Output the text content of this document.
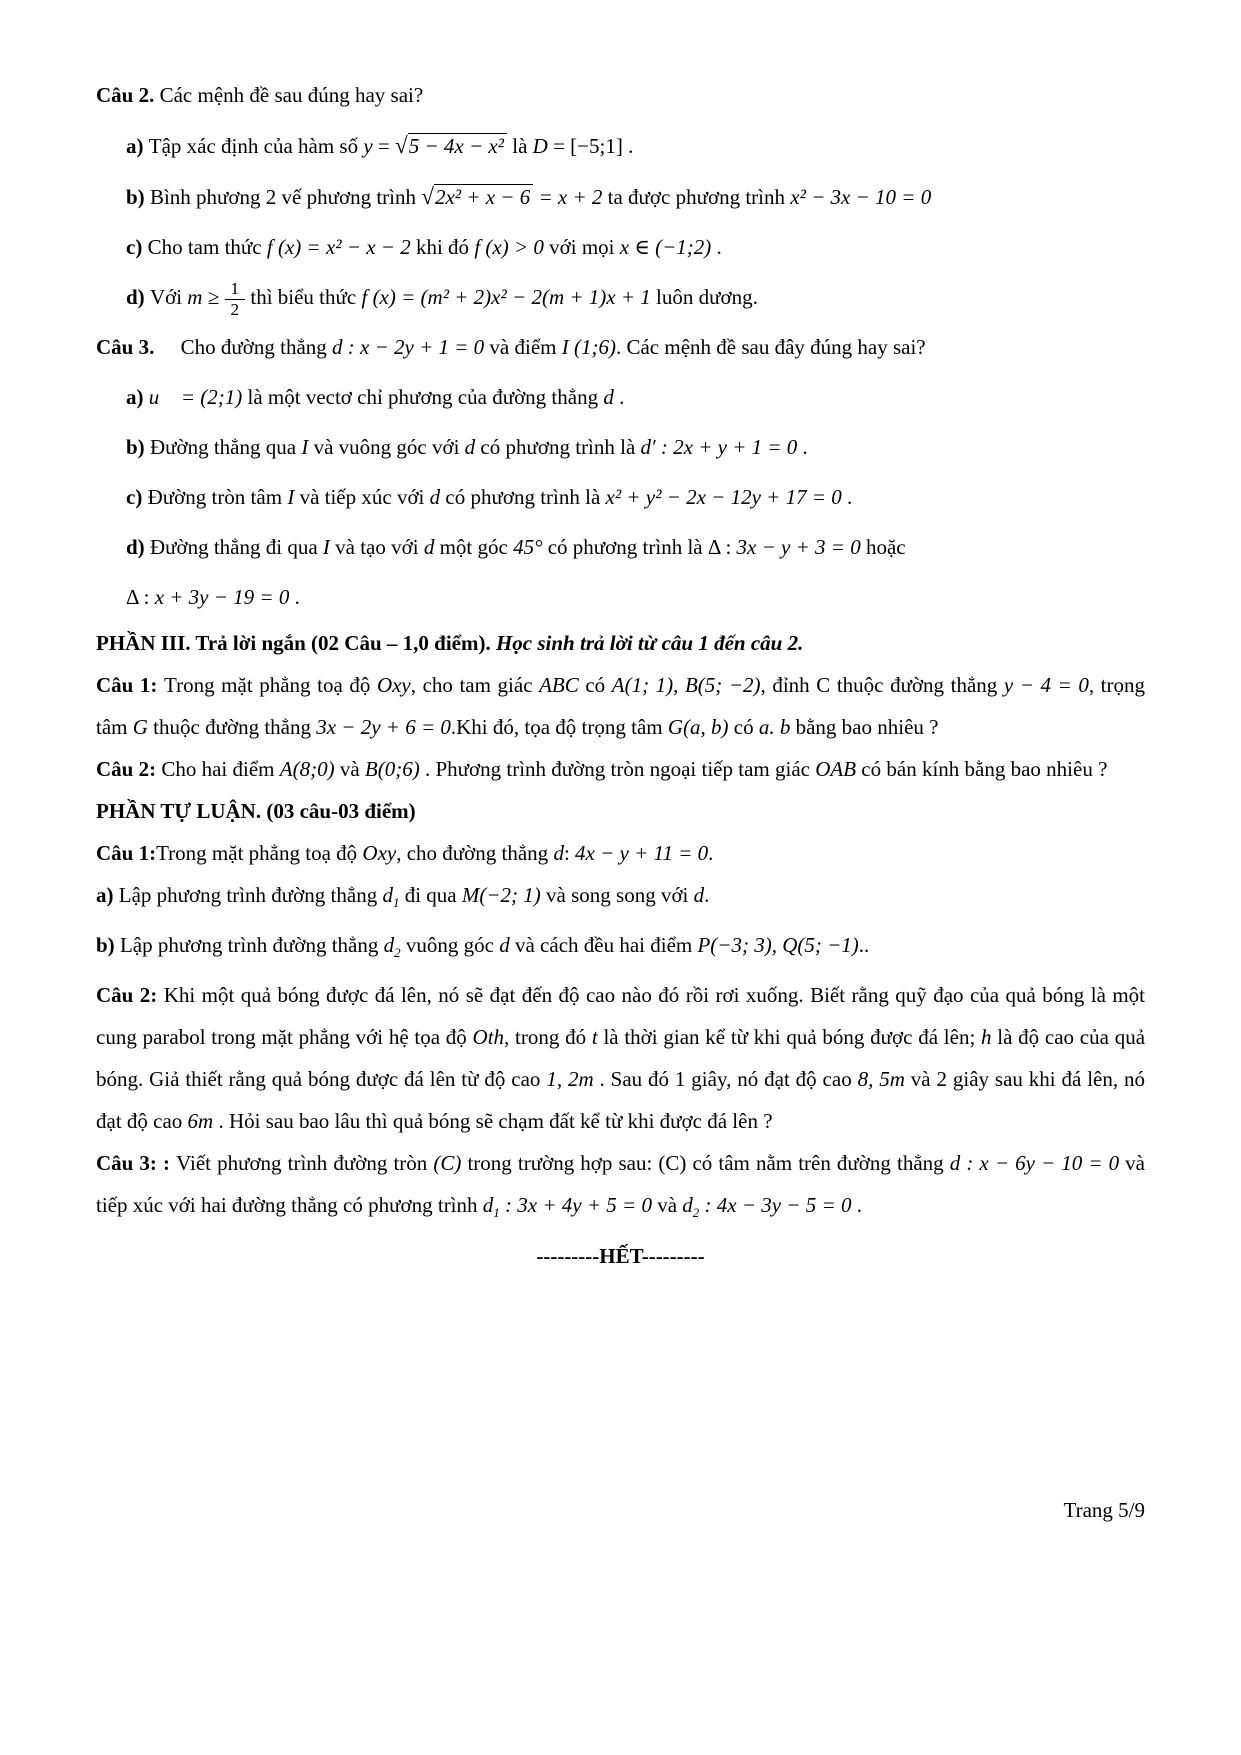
Câu 2. Các mệnh đề sau đúng hay sai?
a) Tập xác định của hàm số y = √5 − 4x − x² là D = [−5;1] .
b) Bình phương 2 vế phương trình √2x² + x − 6 = x + 2 ta được phương trình x² − 3x − 10 = 0
c) Cho tam thức f (x) = x² − x − 2 khi đó f (x) > 0 với mọi x ∈ (−1;2) .
d) Với $m \ge \frac{1}{2}$ thì biểu thức f (x) = (m² + 2)x² − 2(m + 1)x + 1 luôn dương.
Câu 3.  Cho đường thẳng d : x − 2y + 1 = 0 và điểm I (1;6). Các mệnh đề sau đây đúng hay sai?
a) u⃗ = (2;1) là một vectơ chỉ phương của đường thẳng d .
b) Đường thẳng qua I và vuông góc với d có phương trình là d′ : 2x + y + 1 = 0 .
c) Đường tròn tâm I và tiếp xúc với d có phương trình là x² + y² − 2x − 12y + 17 = 0 .
d) Đường thẳng đi qua I và tạo với d một góc 45° có phương trình là Δ : 3x − y + 3 = 0 hoặc
Δ : x + 3y − 19 = 0 .
PHẦN III. Trả lời ngắn (02 Câu – 1,0 điểm). Học sinh trả lời từ câu 1 đến câu 2.
Câu 1: Trong mặt phẳng toạ độ Oxy, cho tam giác ABC có A(1; 1), B(5; −2), đỉnh C thuộc đường thẳng y − 4 = 0, trọng tâm G thuộc đường thẳng 3x − 2y + 6 = 0.Khi đó, tọa độ trọng tâm G(a, b) có a. b bằng bao nhiêu ?
Câu 2: Cho hai điểm A(8;0) và B(0;6) . Phương trình đường tròn ngoại tiếp tam giác OAB có bán kính bằng bao nhiêu ?
PHẦN TỰ LUẬN. (03 câu-03 điểm)
Câu 1:Trong mặt phẳng toạ độ Oxy, cho đường thẳng d: 4x − y + 11 = 0.
a) Lập phương trình đường thẳng $d_1$ đi qua M(−2; 1) và song song với d.
b) Lập phương trình đường thẳng $d_2$ vuông góc d và cách đều hai điểm P(−3; 3), Q(5; −1)..
Câu 2: Khi một quả bóng được đá lên, nó sẽ đạt đến độ cao nào đó rồi rơi xuống. Biết rằng quỹ đạo của quả bóng là một cung parabol trong mặt phẳng với hệ tọa độ Oth, trong đó t là thời gian kể từ khi quả bóng được đá lên; h là độ cao của quả bóng. Giả thiết rằng quả bóng được đá lên từ độ cao 1, 2m . Sau đó 1 giây, nó đạt độ cao 8, 5m và 2 giây sau khi đá lên, nó đạt độ cao 6m . Hỏi sau bao lâu thì quả bóng sẽ chạm đất kể từ khi được đá lên ?
Câu 3: : Viết phương trình đường tròn (C) trong trường hợp sau: (C) có tâm nằm trên đường thẳng d : x − 6y − 10 = 0 và tiếp xúc với hai đường thẳng có phương trình $d_1$ : 3x + 4y + 5 = 0 và $d_2$ : 4x − 3y − 5 = 0 .
---------HẾT---------
Trang 5/9
